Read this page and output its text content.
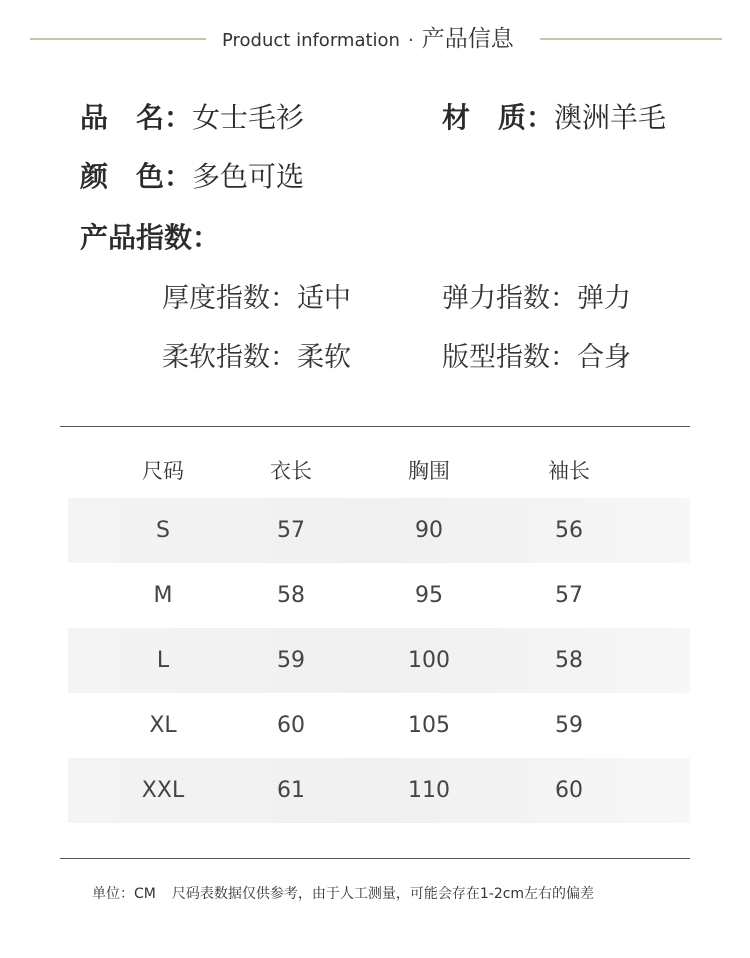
Product information · 产品信息
品　名：女士毛衫	材　质：澳洲羊毛
颜　色：多色可选
产品指数：
厚度指数：适中	弹力指数：弹力
柔软指数：柔软	版型指数：合身
尺码	衣长	胸围	袖长
S	57	90	56
M	58	95	57
L	59	100	58
XL	60	105	59
XXL	61	110	60
单位：CM 尺码表数据仅供参考，由于人工测量，可能会存在1-2cm左右的偏差
